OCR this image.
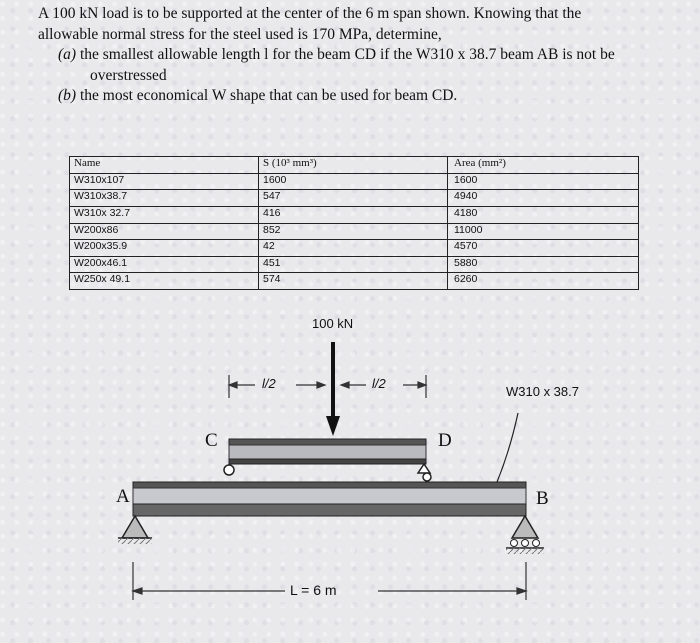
A 100 kN load is to be supported at the center of the 6 m span shown. Knowing that the

allowable normal stress for the steel used is 170 MPa, determine,

(a) the smallest allowable length l for the beam CD if the W310 x 38.7 beam AB is not be

overstressed

(b) the most economical W shape that can be used for beam CD.

Name	S (10³ mm³)	Area (mm²)
W310x107	1600	1600
W310x38.7	547	4940
W310x 32.7	416	4180
W200x86	852	11000
W200x35.9	42	4570
W200x46.1	451	5880
W250x 49.1	574	6260
100 kN
l/2	l/2
W310 x 38.7
C	D
A	B
L = 6 m
